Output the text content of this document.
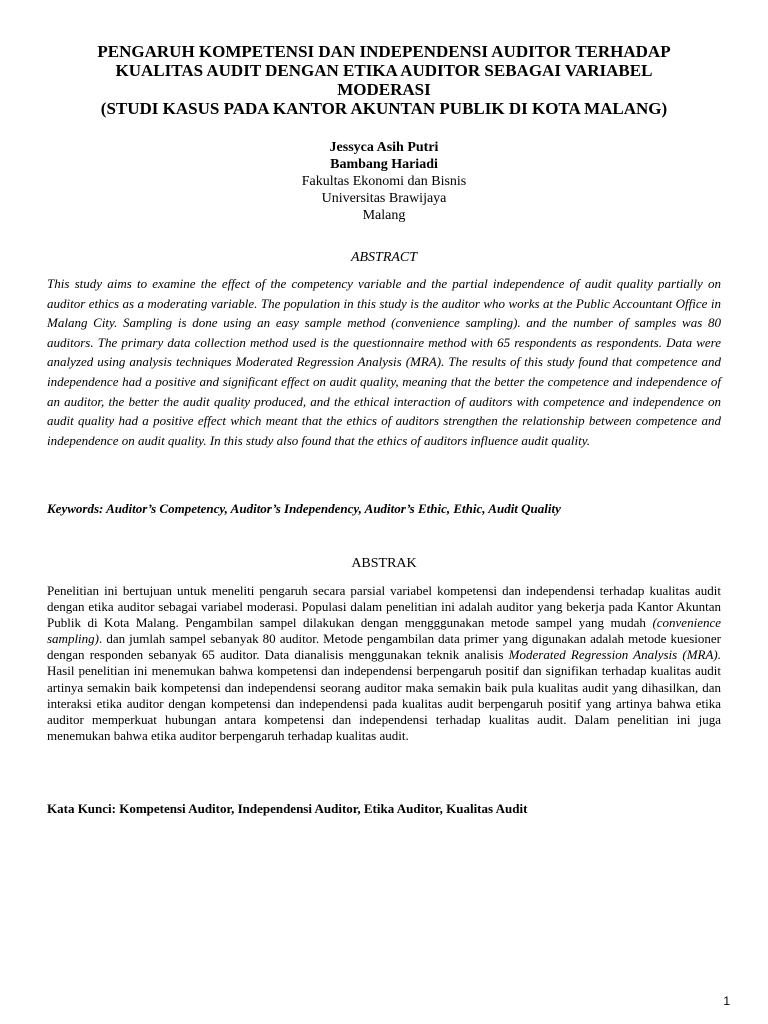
PENGARUH KOMPETENSI DAN INDEPENDENSI AUDITOR TERHADAP
KUALITAS AUDIT DENGAN ETIKA AUDITOR SEBAGAI VARIABEL
MODERASI
(STUDI KASUS PADA KANTOR AKUNTAN PUBLIK DI KOTA MALANG)
Jessyca Asih Putri
Bambang Hariadi
Fakultas Ekonomi dan Bisnis
Universitas Brawijaya
Malang
ABSTRACT
This study aims to examine the effect of the competency variable and the partial independence of audit quality partially on auditor ethics as a moderating variable. The population in this study is the auditor who works at the Public Accountant Office in Malang City. Sampling is done using an easy sample method (convenience sampling). and the number of samples was 80 auditors. The primary data collection method used is the questionnaire method with 65 respondents as respondents. Data were analyzed using analysis techniques Moderated Regression Analysis (MRA). The results of this study found that competence and independence had a positive and significant effect on audit quality, meaning that the better the competence and independence of an auditor, the better the audit quality produced, and the ethical interaction of auditors with competence and independence on audit quality had a positive effect which meant that the ethics of auditors strengthen the relationship between competence and independence on audit quality. In this study also found that the ethics of auditors influence audit quality.
Keywords: Auditor’s Competency, Auditor’s Independency, Auditor’s Ethic, Ethic, Audit Quality
ABSTRAK
Penelitian ini bertujuan untuk meneliti pengaruh secara parsial variabel kompetensi dan independensi terhadap kualitas audit dengan etika auditor sebagai variabel moderasi. Populasi dalam penelitian ini adalah auditor yang bekerja pada Kantor Akuntan Publik di Kota Malang. Pengambilan sampel dilakukan dengan mengggunakan metode sampel yang mudah (convenience sampling). dan jumlah sampel sebanyak 80 auditor. Metode pengambilan data primer yang digunakan adalah metode kuesioner dengan responden sebanyak 65 auditor. Data dianalisis menggunakan teknik analisis Moderated Regression Analysis (MRA). Hasil penelitian ini menemukan bahwa kompetensi dan independensi berpengaruh positif dan signifikan terhadap kualitas audit artinya semakin baik kompetensi dan independensi seorang auditor maka semakin baik pula kualitas audit yang dihasilkan, dan interaksi etika auditor dengan kompetensi dan independensi pada kualitas audit berpengaruh positif yang artinya bahwa etika auditor memperkuat hubungan antara kompetensi dan independensi terhadap kualitas audit. Dalam penelitian ini juga menemukan bahwa etika auditor berpengaruh terhadap kualitas audit.
Kata Kunci: Kompetensi Auditor, Independensi Auditor, Etika Auditor, Kualitas Audit
1
